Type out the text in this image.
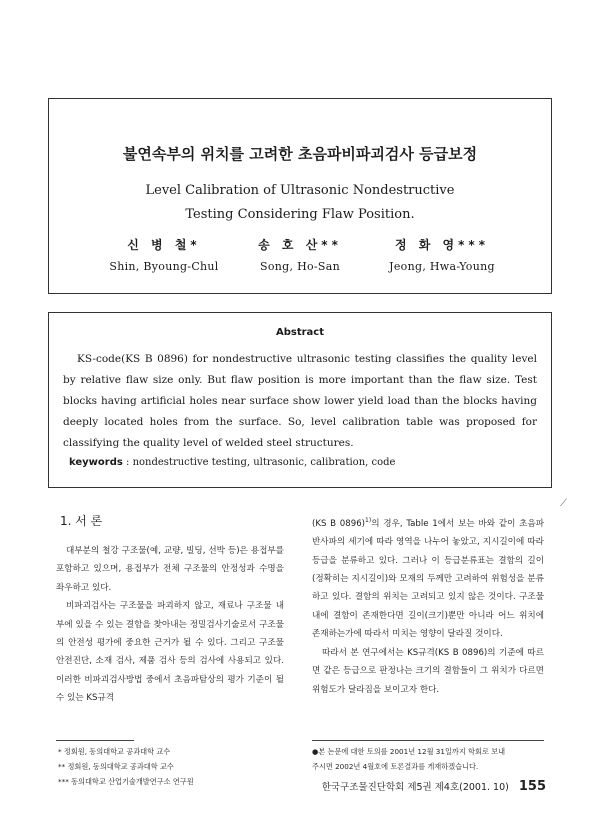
불연속부의 위치를 고려한 초음파비파괴검사 등급보정
Level Calibration of Ultrasonic Nondestructive
Testing Considering Flaw Position.
신 병 철*
Shin, Byoung-Chul
송 호 산**
Song, Ho-San
정 화 영***
Jeong, Hwa-Young
Abstract

KS-code(KS B 0896) for nondestructive ultrasonic testing classifies the quality level by relative flaw size only. But flaw position is more important than the flaw size. Test blocks having artificial holes near surface show lower yield load than the blocks having deeply located holes from the surface. So, level calibration table was proposed for classifying the quality level of welded steel structures.

keywords : nondestructive testing, ultrasonic, calibration, code
⟋
1. 서 론

대부분의 철강 구조물(예, 교량, 빌딩, 선박 등)은 용접부를 포함하고 있으며, 용접부가 전체 구조물의 안정성과 수명을 좌우하고 있다.

비파괴검사는 구조물을 파괴하지 않고, 재료나 구조물 내부에 있을 수 있는 결함을 찾아내는 정밀검사기술로서 구조물의 안전성 평가에 중요한 근거가 될 수 있다. 그리고 구조물 안전진단, 소재 검사, 제품 검사 등의 검사에 사용되고 있다. 이러한 비파괴검사방법 중에서 초음파탐상의 평가 기준이 될 수 있는 KS규격

(KS B 0896)$^{1)}$의 경우, Table 1에서 보는 바와 같이 초음파 반사파의 세기에 따라 영역을 나누어 놓았고, 지시길이에 따라 등급을 분류하고 있다. 그러나 이 등급분류표는 결함의 길이(정확히는 지시길이)와 모재의 두께만 고려하여 위험성을 분류하고 있다. 결함의 위치는 고려되고 있지 않은 것이다. 구조물 내에 결함이 존재한다면 길이(크기)뿐만 아니라 어느 위치에 존재하는가에 따라서 미치는 영향이 달라질 것이다.

따라서 본 연구에서는 KS규격(KS B 0896)의 기준에 따르면 같은 등급으로 판정나는 크기의 결함들이 그 위치가 다르면 위험도가 달라짐을 보이고자 한다.

* 정회원, 동의대학교 공과대학 교수
** 정회원, 동의대학교 공과대학 교수
*** 동의대학교 산업기술개발연구소 연구원
●본 논문에 대한 토의를 2001년 12월 31일까지 학회로 보내
주시면 2002년 4월호에 토론결과를 게재하겠습니다.
한국구조물진단학회 제5권 제4호(2001. 10) 155
